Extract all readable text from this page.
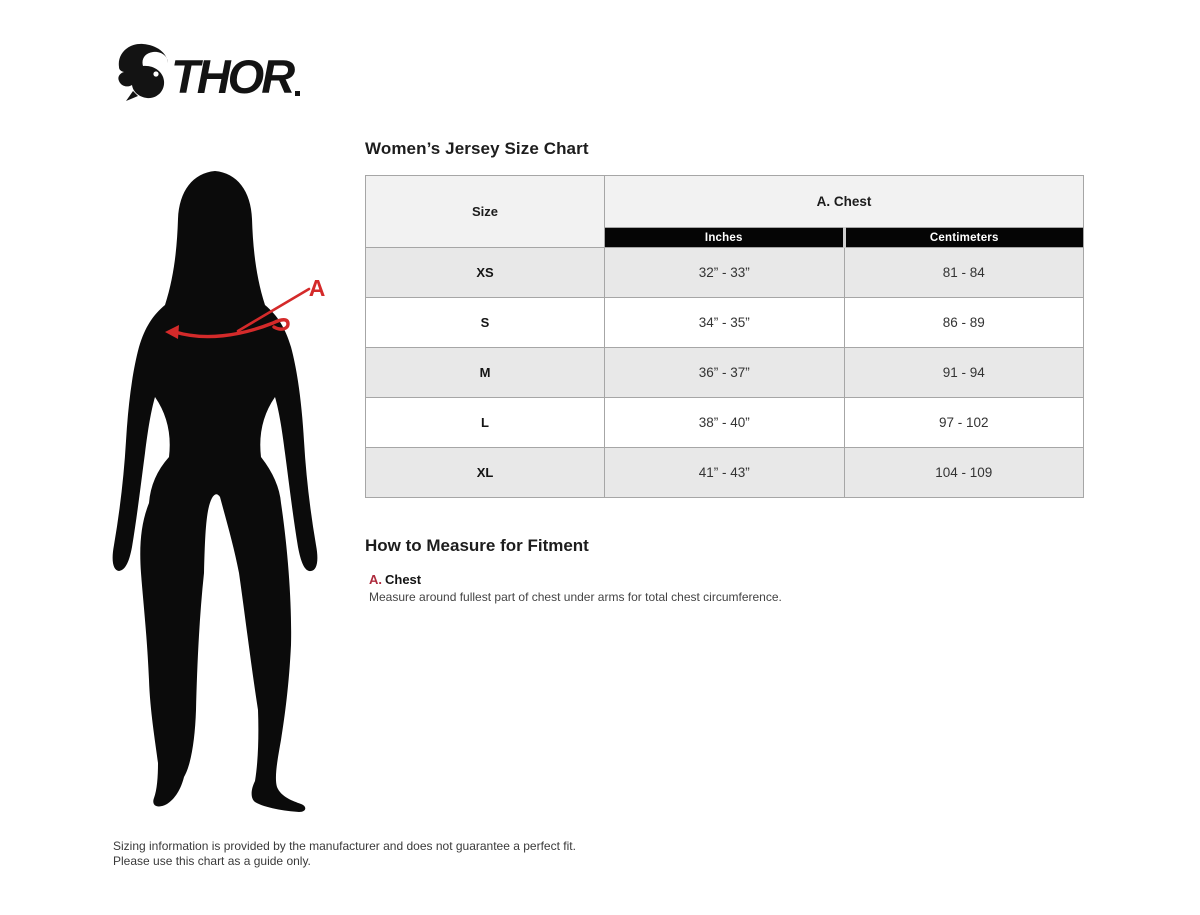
THOR
A
Women’s Jersey Size Chart
Size	A. Chest	
	Inches	Centimeters
XS	32” - 33”	81 - 84
S	34” - 35”	86 - 89
M	36” - 37”	91 - 94
L	38” - 40”	97 - 102
XL	41” - 43”	104 - 109
How to Measure for Fitment
A. Chest
Measure around fullest part of chest under arms for total chest circumference.
Sizing information is provided by the manufacturer and does not guarantee a perfect fit.
Please use this chart as a guide only.
